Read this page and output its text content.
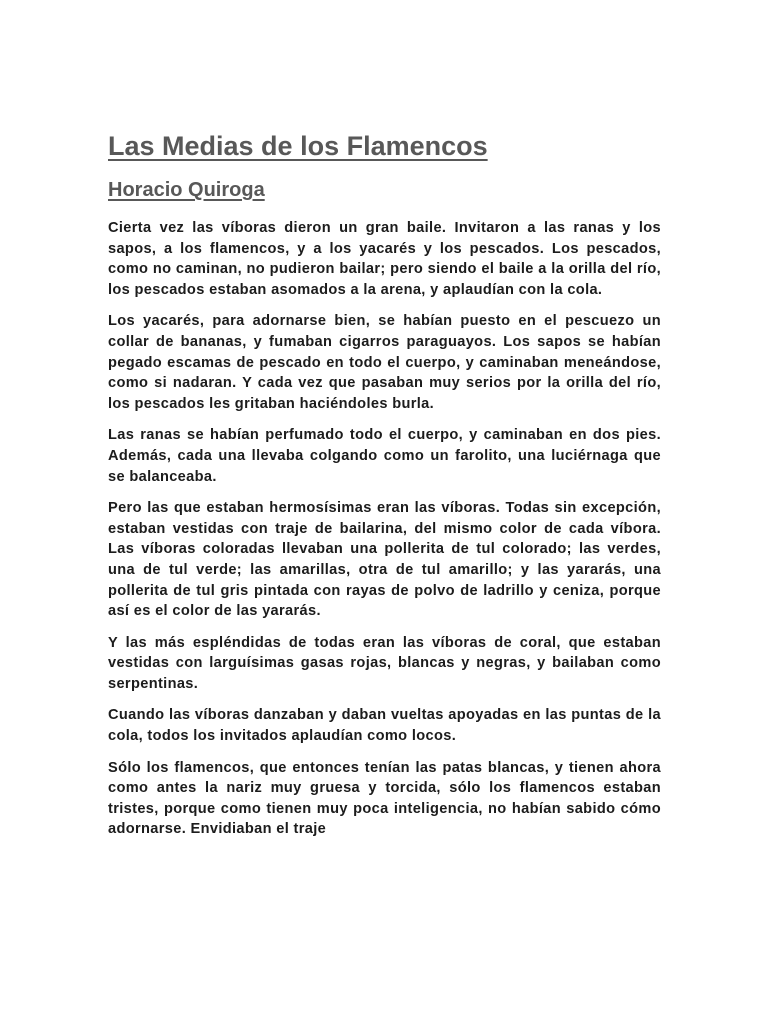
Las Medias de los Flamencos
Horacio Quiroga

Cierta vez las víboras dieron un gran baile. Invitaron a las ranas y los sapos, a los flamencos, y a los yacarés y los pescados. Los pescados, como no caminan, no pudieron bailar; pero siendo el baile a la orilla del río, los pescados estaban asomados a la arena, y aplaudían con la cola.

Los yacarés, para adornarse bien, se habían puesto en el pescuezo un collar de bananas, y fumaban cigarros paraguayos. Los sapos se habían pegado escamas de pescado en todo el cuerpo, y caminaban meneándose, como si nadaran. Y cada vez que pasaban muy serios por la orilla del río, los pescados les gritaban haciéndoles burla.

Las ranas se habían perfumado todo el cuerpo, y caminaban en dos pies. Además, cada una llevaba colgando como un farolito, una luciérnaga que se balanceaba.

Pero las que estaban hermosísimas eran las víboras. Todas sin excepción, estaban vestidas con traje de bailarina, del mismo color de cada víbora. Las víboras coloradas llevaban una pollerita de tul colorado; las verdes, una de tul verde; las amarillas, otra de tul amarillo; y las yararás, una pollerita de tul gris pintada con rayas de polvo de ladrillo y ceniza, porque así es el color de las yararás.

Y las más espléndidas de todas eran las víboras de coral, que estaban vestidas con larguísimas gasas rojas, blancas y negras, y bailaban como serpentinas.

Cuando las víboras danzaban y daban vueltas apoyadas en las puntas de la cola, todos los invitados aplaudían como locos.

Sólo los flamencos, que entonces tenían las patas blancas, y tienen ahora como antes la nariz muy gruesa y torcida, sólo los flamencos estaban tristes, porque como tienen muy poca inteligencia, no habían sabido cómo adornarse. Envidiaban el traje
